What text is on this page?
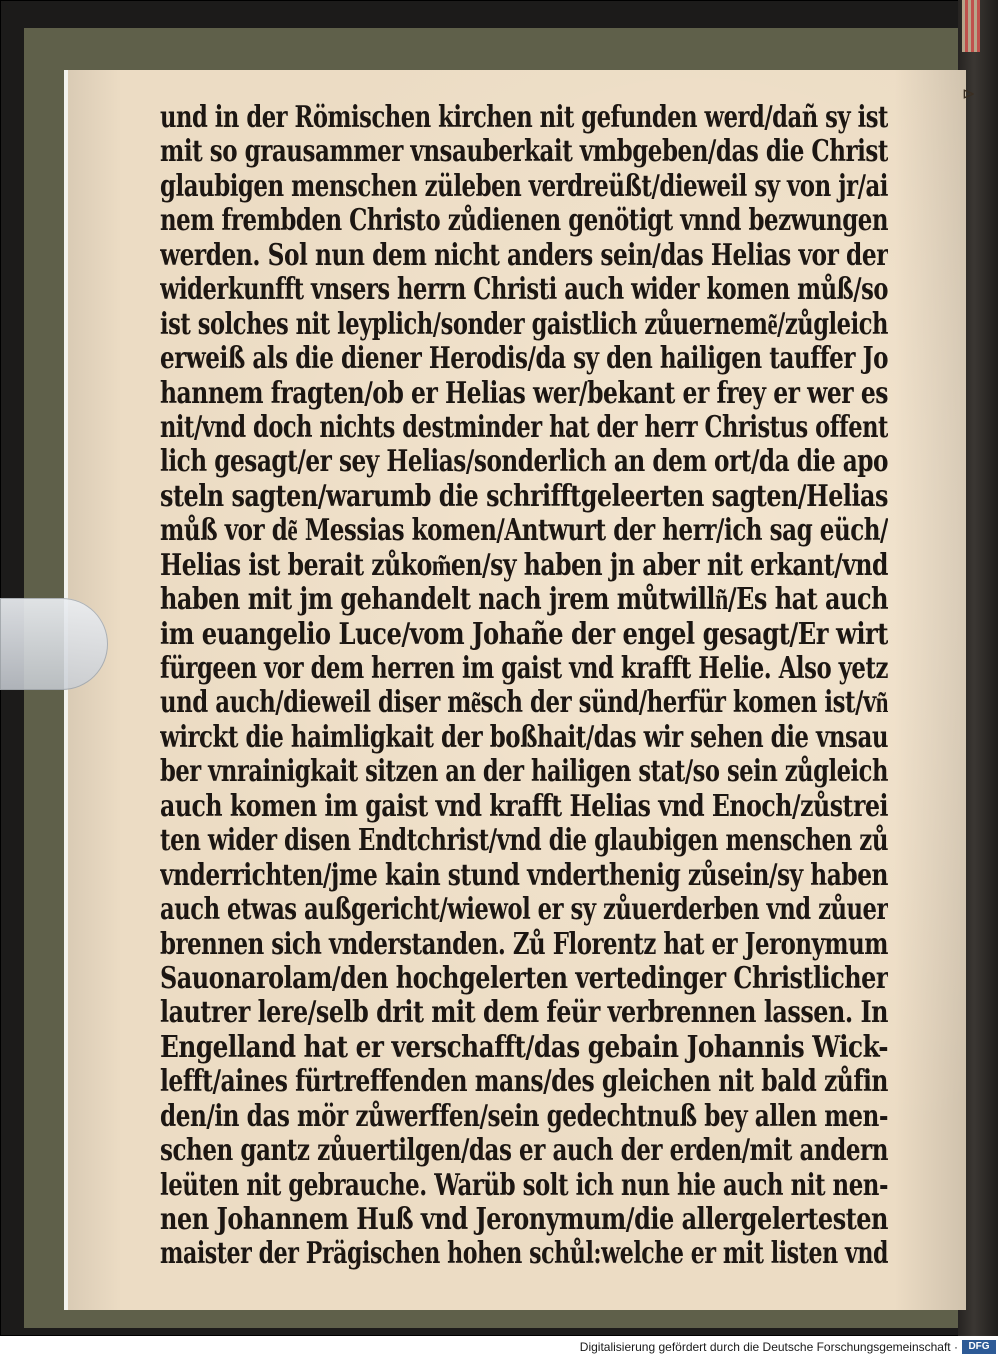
⊳
und in der Römischen kirchen nit gefunden werd/dañ sy ist
mit so grausammer vnsauberkait vmbgeben/das die Christ
glaubigen menschen züleben verdreüßt/dieweil sy von jr/ai
nem frembden Christo zůdienen genötigt vnnd bezwungen
werden. Sol nun dem nicht anders sein/das Helias vor der
widerkunfft vnsers herrn Christi auch wider komen můß/so
ist solches nit leyplich/sonder gaistlich zůuerneme͂/zůgleich
erweiß als die diener Herodis/da sy den hailigen tauffer Jo
hannem fragten/ob er Helias wer/bekant er frey er wer es
nit/vnd doch nichts destminder hat der herr Christus offent
lich gesagt/er sey Helias/sonderlich an dem ort/da die apo
steln sagten/warumb die schrifftgeleerten sagten/Helias
můß vor de͂ Messias komen/Antwurt der herr/ich sag eüch/
Helias ist berait zůkom͂en/sy haben jn aber nit erkant/vnd
haben mit jm gehandelt nach jrem můtwilln͂/Es hat auch
im euangelio Luce/vom Johañe der engel gesagt/Er wirt
fürgeen vor dem herren im gaist vnd krafft Helie. Also yetz
und auch/dieweil diser me͂sch der sünd/herfür komen ist/vn͂
wirckt die haimligkait der boßhait/das wir sehen die vnsau
ber vnrainigkait sitzen an der hailigen stat/so sein zůgleich
auch komen im gaist vnd krafft Helias vnd Enoch/zůstrei
ten wider disen Endtchrist/vnd die glaubigen menschen zů
vnderrichten/jme kain stund vnderthenig zůsein/sy haben
auch etwas außgericht/wiewol er sy zůuerderben vnd zůuer
brennen sich vnderstanden. Zů Florentz hat er Jeronymum
Sauonarolam/den hochgelerten vertedinger Christlicher
lautrer lere/selb drit mit dem feür verbrennen lassen. In
Engelland hat er verschafft/das gebain Johannis Wick-
lefft/aines fürtreffenden mans/des gleichen nit bald zůfin
den/in das mör zůwerffen/sein gedechtnuß bey allen men-
schen gantz zůuertilgen/das er auch der erden/mit andern
leüten nit gebrauche. Warüb solt ich nun hie auch nit nen-
nen Johannem Huß vnd Jeronymum/die allergelertesten
maister der Prägischen hohen schůl:welche er mit listen vnd
Digitalisierung gefördert durch die Deutsche Forschungsgemeinschaft ·	DFG
